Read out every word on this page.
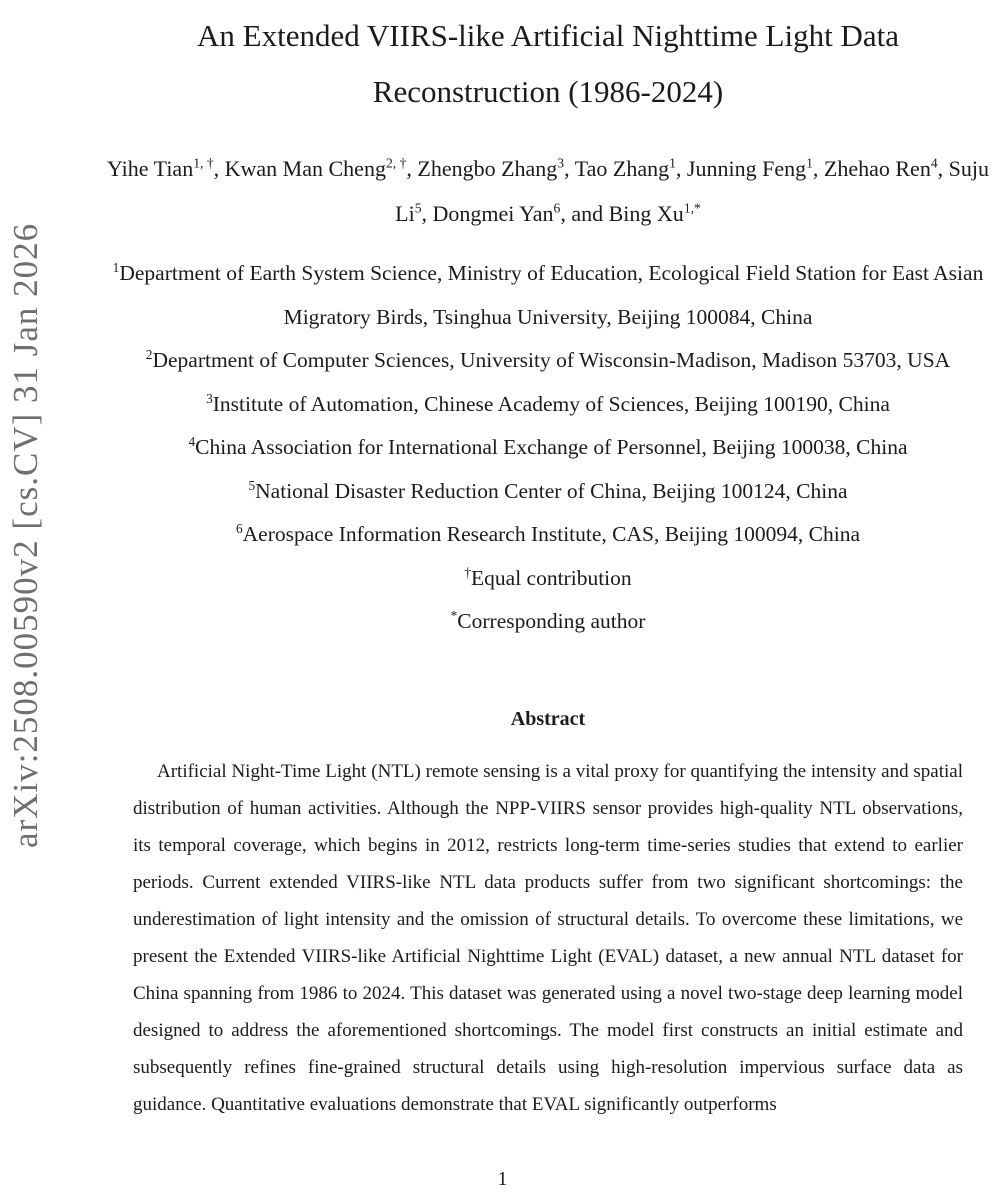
arXiv:2508.00590v2 [cs.CV] 31 Jan 2026
An Extended VIIRS-like Artificial Nighttime Light Data
Reconstruction (1986-2024)
Yihe Tian$^{1, \dagger}$, Kwan Man Cheng$^{2, \dagger}$, Zhengbo Zhang$^3$, Tao Zhang$^1$, Junning Feng$^1$, Zhehao Ren$^4$, Suju Li$^5$, Dongmei Yan$^6$, and Bing $Xu^{1,*}$
$^1$Department of Earth System Science, Ministry of Education, Ecological Field Station for East Asian Migratory Birds, Tsinghua University, Beijing 100084, China
$^2$Department of Computer Sciences, University of Wisconsin-Madison, Madison 53703, USA
$^3$Institute of Automation, Chinese Academy of Sciences, Beijing 100190, China
$^4$China Association for International Exchange of Personnel, Beijing 100038, China
$^5$National Disaster Reduction Center of China, Beijing 100124, China
$^6$Aerospace Information Research Institute, CAS, Beijing 100094, China
†Equal contribution
*Corresponding author
Abstract

Artificial Night-Time Light (NTL) remote sensing is a vital proxy for quantifying the intensity and spatial distribution of human activities. Although the NPP-VIIRS sensor provides high-quality NTL observations, its temporal coverage, which begins in 2012, restricts long-term time-series studies that extend to earlier periods. Current extended VIIRS-like NTL data products suffer from two significant shortcomings: the underestimation of light intensity and the omission of structural details. To overcome these limitations, we present the Extended VIIRS-like Artificial Nighttime Light (EVAL) dataset, a new annual NTL dataset for China spanning from 1986 to 2024. This dataset was generated using a novel two-stage deep learning model designed to address the aforementioned shortcomings. The model first constructs an initial estimate and subsequently refines fine-grained structural details using high-resolution impervious surface data as guidance. Quantitative evaluations demonstrate that EVAL significantly outperforms

1
